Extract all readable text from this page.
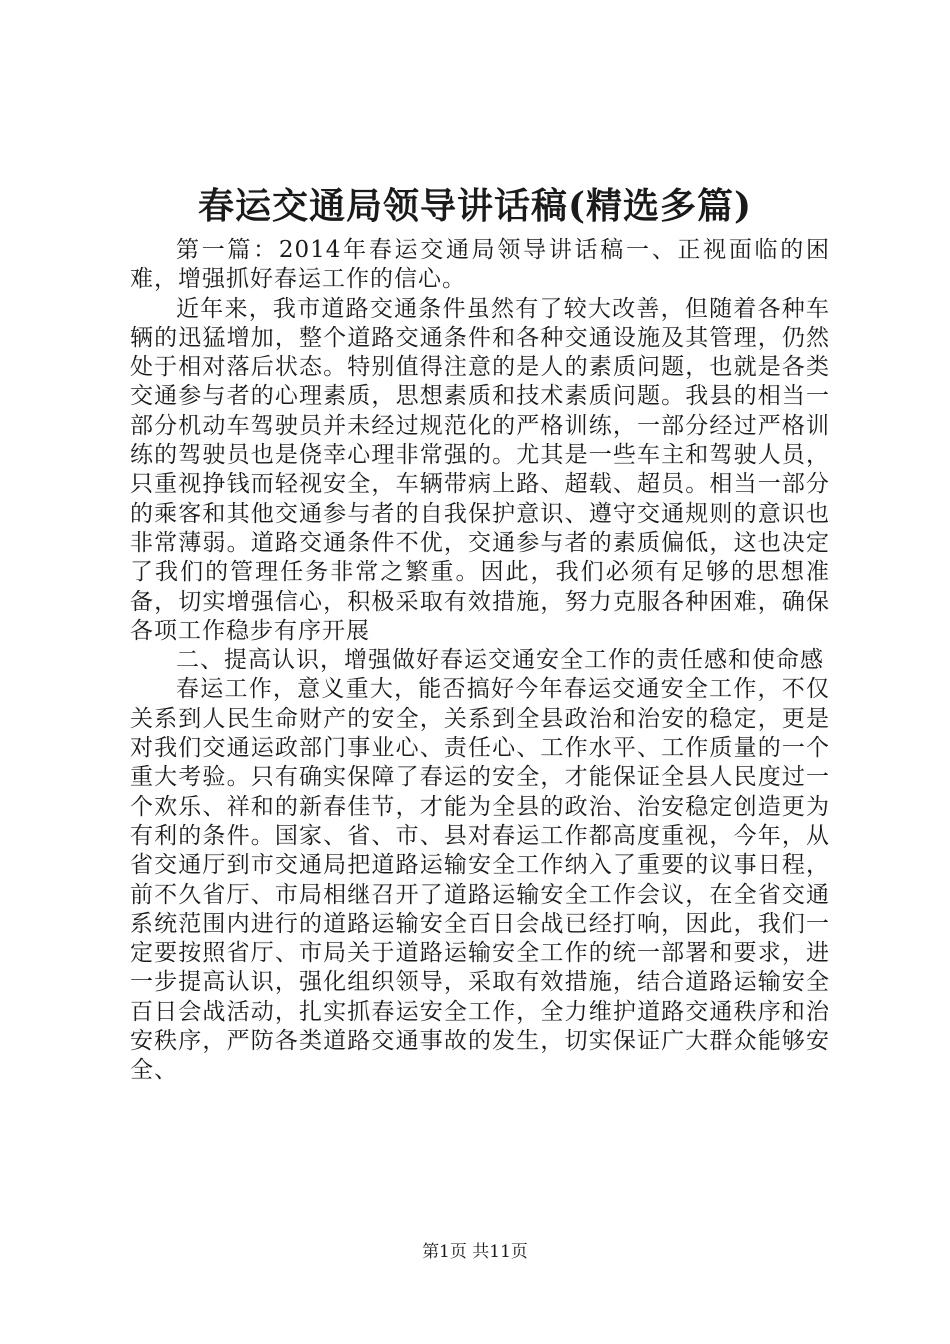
春运交通局领导讲话稿(精选多篇)

第一篇：2014年春运交通局领导讲话稿一、正视面临的困难，增强抓好春运工作的信心。

近年来，我市道路交通条件虽然有了较大改善，但随着各种车辆的迅猛增加，整个道路交通条件和各种交通设施及其管理，仍然处于相对落后状态。特别值得注意的是人的素质问题，也就是各类交通参与者的心理素质，思想素质和技术素质问题。我县的相当一部分机动车驾驶员并未经过规范化的严格训练，一部分经过严格训练的驾驶员也是侥幸心理非常强的。尤其是一些车主和驾驶人员，只重视挣钱而轻视安全，车辆带病上路、超载、超员。相当一部分的乘客和其他交通参与者的自我保护意识、遵守交通规则的意识也非常薄弱。道路交通条件不优，交通参与者的素质偏低，这也决定了我们的管理任务非常之繁重。因此，我们必须有足够的思想准备，切实增强信心，积极采取有效措施，努力克服各种困难，确保各项工作稳步有序开展

二、提高认识，增强做好春运交通安全工作的责任感和使命感

春运工作，意义重大，能否搞好今年春运交通安全工作，不仅关系到人民生命财产的安全，关系到全县政治和治安的稳定，更是对我们交通运政部门事业心、责任心、工作水平、工作质量的一个重大考验。只有确实保障了春运的安全，才能保证全县人民度过一个欢乐、祥和的新春佳节，才能为全县的政治、治安稳定创造更为有利的条件。国家、省、市、县对春运工作都高度重视，今年，从省交通厅到市交通局把道路运输安全工作纳入了重要的议事日程，前不久省厅、市局相继召开了道路运输安全工作会议，在全省交通系统范围内进行的道路运输安全百日会战已经打响，因此，我们一定要按照省厅、市局关于道路运输安全工作的统一部署和要求，进一步提高认识，强化组织领导，采取有效措施，结合道路运输安全百日会战活动，扎实抓春运安全工作，全力维护道路交通秩序和治安秩序，严防各类道路交通事故的发生，切实保证广大群众能够安全、

第1页 共11页
